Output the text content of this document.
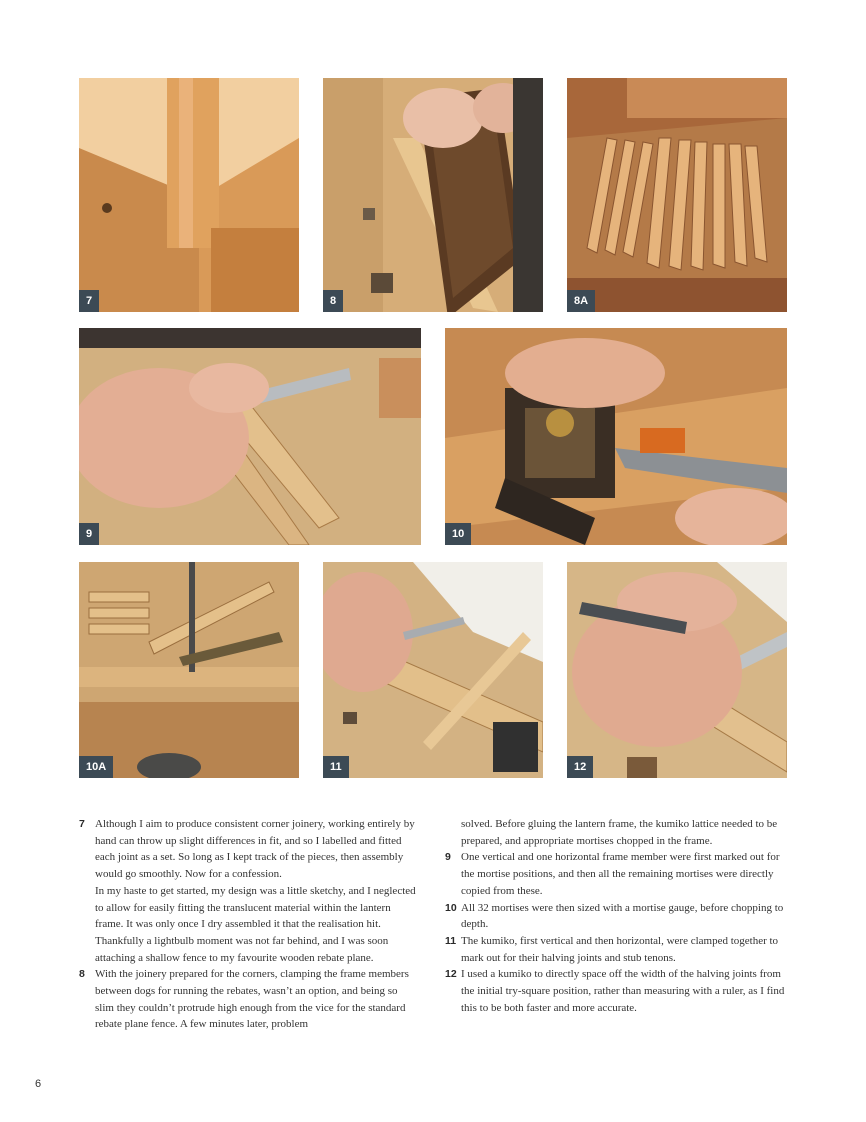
7	8	8A
9	10
10A	11	12
7 Although I aim to produce consistent corner joinery, working entirely by hand can throw up slight differences in fit, and so I labelled and fitted each joint as a set. So long as I kept track of the pieces, then assembly would go smoothly. Now for a confession.
In my haste to get started, my design was a little sketchy, and I neglected to allow for easily fitting the translucent material within the lantern frame. It was only once I dry assembled it that the realisation hit. Thankfully a lightbulb moment was not far behind, and I was soon attaching a shallow fence to my favourite wooden rebate plane.
8 With the joinery prepared for the corners, clamping the frame members between dogs for running the rebates, wasn’t an option, and being so slim they couldn’t protrude high enough from the vice for the standard rebate plane fence. A few minutes later, problem
solved. Before gluing the lantern frame, the kumiko lattice needed to be prepared, and appropriate mortises chopped in the frame.
9 One vertical and one horizontal frame member were first marked out for the mortise positions, and then all the remaining mortises were directly copied from these.
10 All 32 mortises were then sized with a mortise gauge, before chopping to depth.
11 The kumiko, first vertical and then horizontal, were clamped together to mark out for their halving joints and stub tenons.
12 I used a kumiko to directly space off the width of the halving joints from the initial try-square position, rather than measuring with a ruler, as I find this to be both faster and more accurate.
6
